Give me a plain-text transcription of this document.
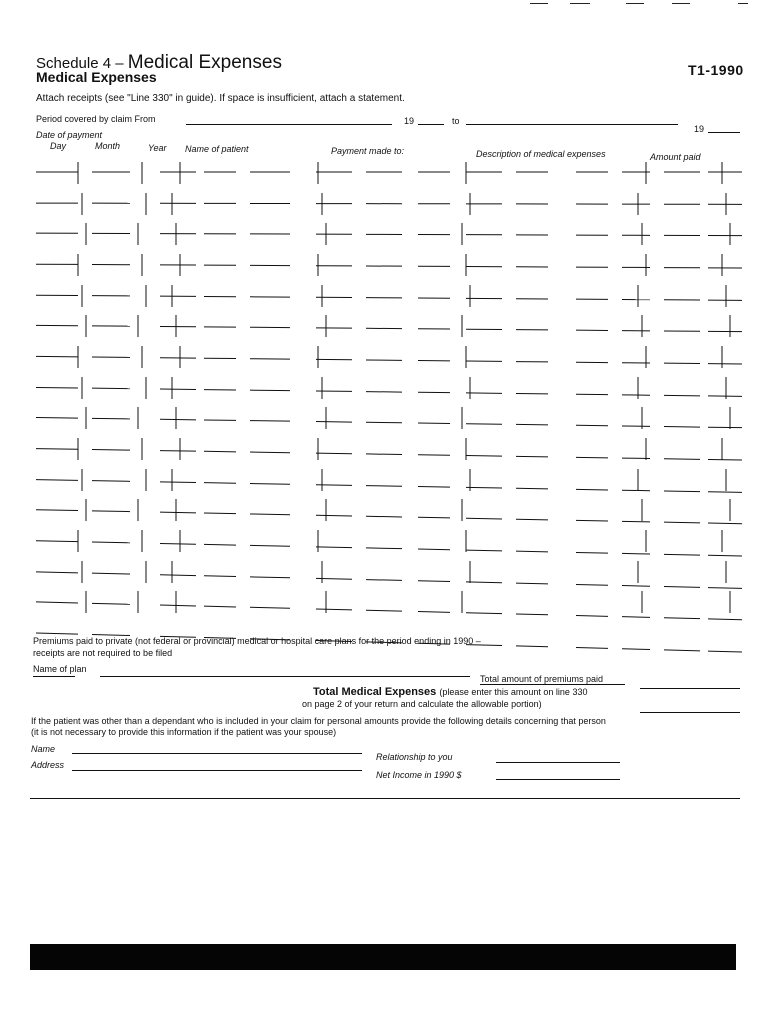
Schedule 4 – Medical Expenses
Medical Expenses	T1-1990
Attach receipts (see "Line 330" in guide). If space is insufficient, attach a statement.
Period covered by claim From	19	to
19
Date of payment
Day	Month	Year Name of patient	Payment made to:	Description of medical expenses	Amount paid
Premiums paid to private (not federal or provincial) medical or hospital care plans for the period ending in 1990 –
receipts are not required to be filed
Name of plan
Total amount of premiums paid
Total Medical Expenses (please enter this amount on line 330
on page 2 of your return and calculate the allowable portion)
If the patient was other than a dependant who is included in your claim for personal amounts provide the following details concerning that person
(it is not necessary to provide this information if the patient was your spouse)
Name
Address
Relationship to you
Net Income in 1990 $
